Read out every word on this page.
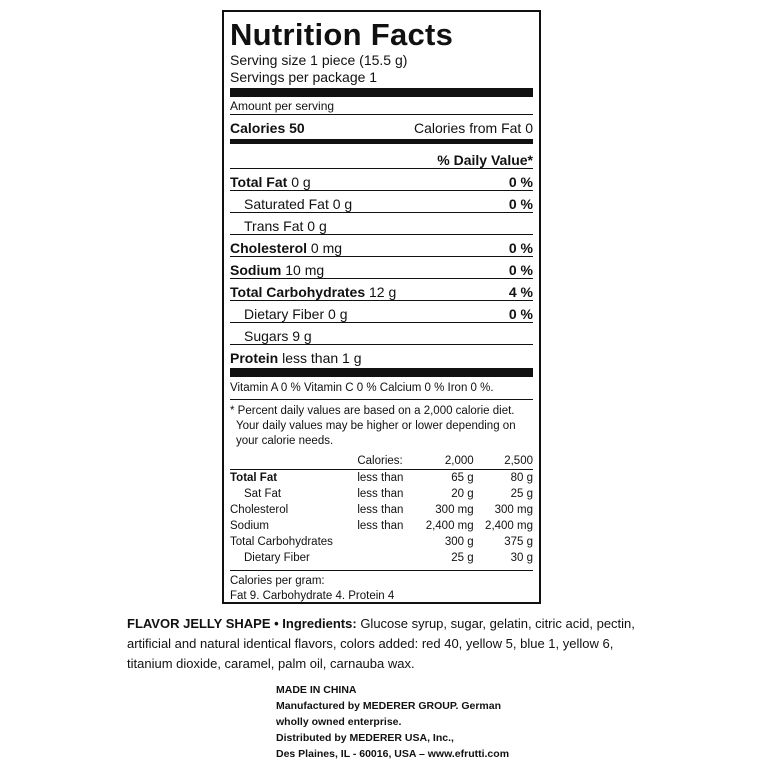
Nutrition Facts
Serving size 1 piece (15.5 g)
Servings per package 1
Amount per serving
Calories 50	Calories from Fat 0
% Daily Value*
Total Fat 0 g	0 %
Saturated Fat 0 g	0 %
Trans Fat 0 g
Cholesterol 0 mg	0 %
Sodium 10 mg	0 %
Total Carbohydrates 12 g	4 %
Dietary Fiber 0 g	0 %
Sugars 9 g
Protein less than 1 g
Vitamin A 0 % Vitamin C 0 % Calcium 0 % Iron 0 %.
* Percent daily values are based on a 2,000 calorie diet. Your daily values may be higher or lower depending on your calorie needs.
	Calories:	2,000	2,500
Total Fat	less than	65 g	80 g
Sat Fat	less than	20 g	25 g
Cholesterol	less than	300 mg	300 mg
Sodium	less than	2,400 mg	2,400 mg
Total Carbohydrates		300 g	375 g
Dietary Fiber		25 g	30 g
Calories per gram:
Fat 9. Carbohydrate 4. Protein 4
FLAVOR JELLY SHAPE • Ingredients: Glucose syrup, sugar, gelatin, citric acid, pectin, artificial and natural identical flavors, colors added: red 40, yellow 5, blue 1, yellow 6, titanium dioxide, caramel, palm oil, carnauba wax.
MADE IN CHINA
Manufactured by MEDERER GROUP. German
wholly owned enterprise.
Distributed by MEDERER USA, Inc.,
Des Plaines, IL - 60016, USA – www.efrutti.com
